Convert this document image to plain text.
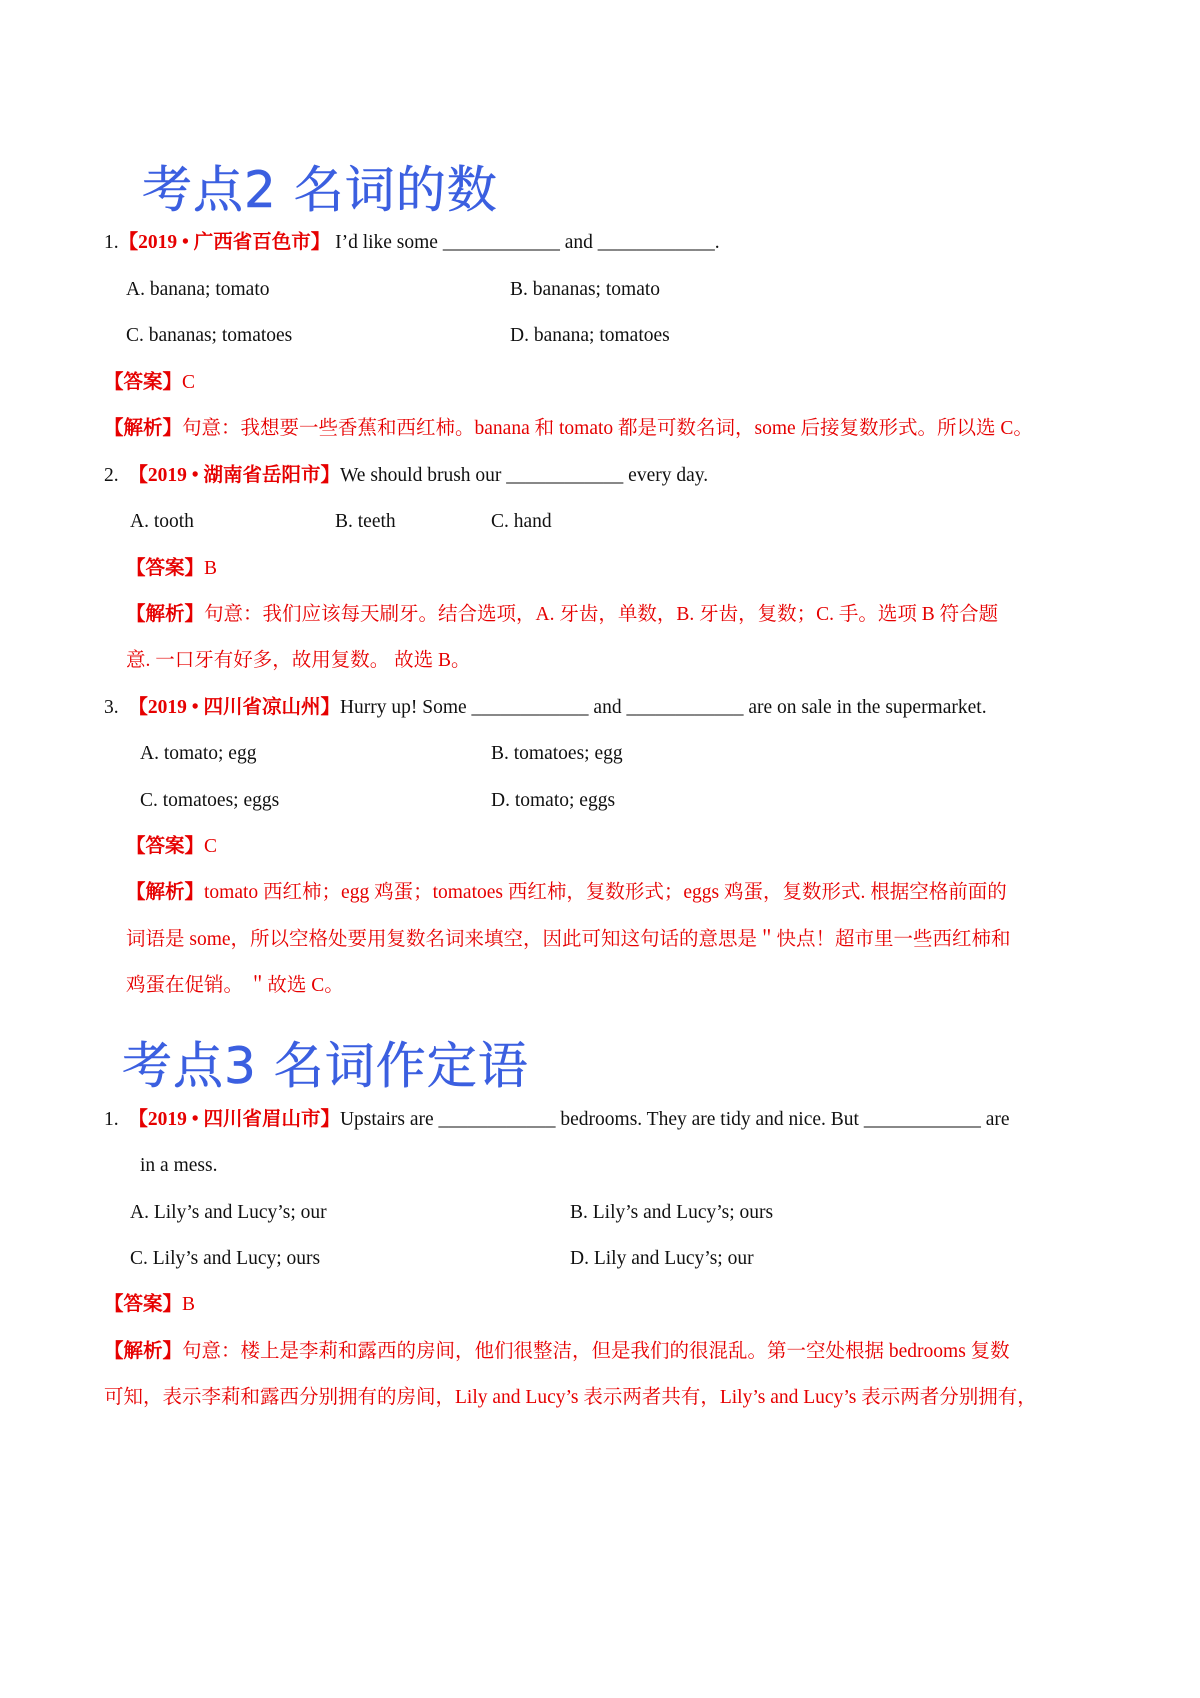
考点2 名词的数
1.【2019 • 广西省百色市】 I’d like some ____________ and ____________.
A. banana; tomato	B. bananas; tomato
C. bananas; tomatoes	D. banana; tomatoes
【答案】C
【解析】句意：我想要一些香蕉和西红柿。banana 和 tomato 都是可数名词，some 后接复数形式。所以选 C。
2. 【2019 • 湖南省岳阳市】We should brush our ____________ every day.
A. tooth	B. teeth	C. hand
【答案】B
【解析】句意：我们应该每天刷牙。结合选项，A. 牙齿，单数，B. 牙齿，复数；C. 手。选项 B 符合题
意. 一口牙有好多，故用复数。 故选 B。
3. 【2019 • 四川省凉山州】Hurry up! Some ____________ and ____________ are on sale in the supermarket.
A. tomato; egg	B. tomatoes; egg
C. tomatoes; eggs	D. tomato; eggs
【答案】C
【解析】tomato 西红柿；egg 鸡蛋；tomatoes 西红柿，复数形式；eggs 鸡蛋，复数形式. 根据空格前面的
词语是 some，所以空格处要用复数名词来填空，因此可知这句话的意思是＂快点！超市里一些西红柿和
鸡蛋在促销。 ＂故选 C。
考点3 名词作定语
1. 【2019 • 四川省眉山市】Upstairs are ____________ bedrooms. They are tidy and nice. But ____________ are
in a mess.
A. Lily’s and Lucy’s; our	B. Lily’s and Lucy’s; ours
C. Lily’s and Lucy; ours	D. Lily and Lucy’s; our
【答案】B
【解析】句意：楼上是李莉和露西的房间，他们很整洁，但是我们的很混乱。第一空处根据 bedrooms 复数
可知，表示李莉和露西分别拥有的房间，Lily and Lucy’s 表示两者共有，Lily’s and Lucy’s 表示两者分别拥有，
